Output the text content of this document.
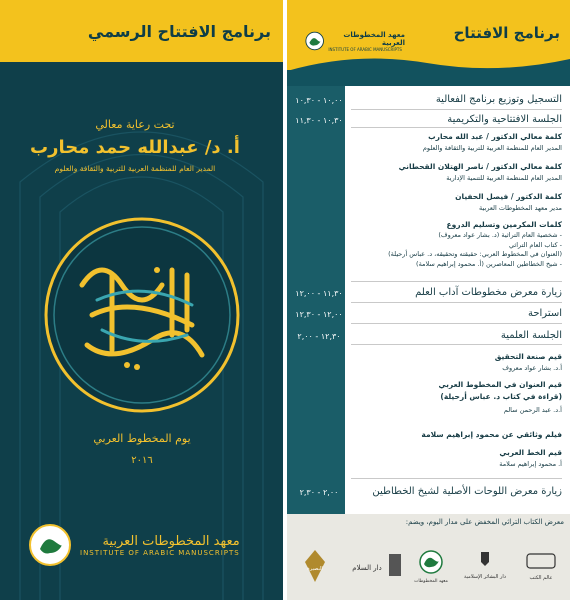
برنامج الافتتاح الرسمي
تحت رعاية معالي
أ. د/ عبدالله حمد محارب
المدير العام للمنظمة العربية للتربية والثقافة والعلوم
يوم المخطوط العربي
٢٠١٦
معهد المخطوطات العربية
INSTITUTE OF ARABIC MANUSCRIPTS
برنامج الافتتاح
معهد المخطوطات العربية
INSTITUTE OF ARABIC MANUSCRIPTS
١٠,٠٠ - ١٠,٣٠	التسجيل وتوزيع برنامج الفعالية
١٠,٣٠ - ١١,٣٠	الجلسة الافتتاحية والتكريمية
كلمة معالي الدكتور / عبد الله محارب
المدير العام للمنظمة العربية للتربية والثقافة والعلوم
كلمة معالي الدكتور / ناصر الهتلان القحطاني
المدير العام للمنظمة العربية للتنمية الإدارية
كلمة الدكتور / فيصل الحفيان
مدير معهد المخطوطات العربية
كلمات المكرمين وتسليم الدروع
- شخصية العام التراثية (د. بشار عواد معروف)
- كتاب العام التراثي
(العنوان في المخطوط العربي: حقيقته وتحقيقه، د. عباس أرحيلة)
- شيخ الخطاطين المعاصرين (أ. محمود إبراهيم سلامة)
١١,٣٠ - ١٢,٠٠	زيارة معرض مخطوطات آداب العلم
١٢,٠٠ - ١٢,٣٠	استراحة
١٢,٣٠ - ٢,٠٠	الجلسة العلمية
قيم صنعة التحقيق
أ.د. بشار عواد معروف
قيم العنوان في المخطوط العربي
(قراءة في كتاب د. عباس أرحيلة)
أ.د. عبد الرحمن سالم
فيلم وثائقي عن محمود إبراهيم سلامة
قيم الخط العربي
أ. محمود إبراهيم سلامة
٢,٠٠ - ٢,٣٠	زيارة معرض اللوحات الأصلية لشيخ الخطاطين
معرض الكتاب التراثي المخفض على مدار اليوم، ويضم:
البصيرة	دار السلام
معهد المخطوطات
دار البشائر الإسلامية	عالم الكتب
